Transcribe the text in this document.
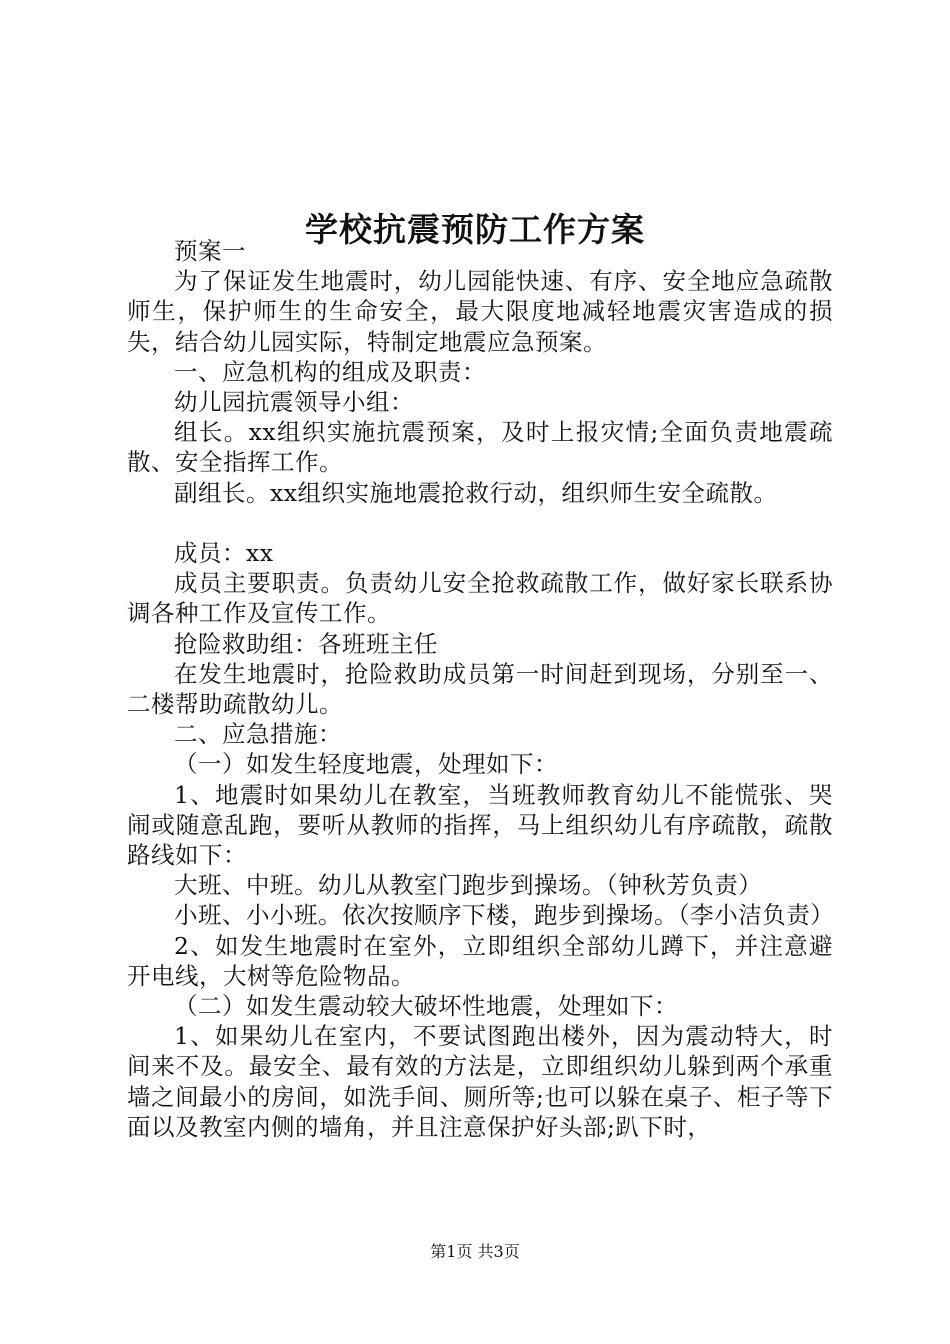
学校抗震预防工作方案

预案一

为了保证发生地震时，幼儿园能快速、有序、安全地应急疏散师生，保护师生的生命安全，最大限度地减轻地震灾害造成的损失，结合幼儿园实际，特制定地震应急预案。

一、应急机构的组成及职责：

幼儿园抗震领导小组：

组长。xx组织实施抗震预案，及时上报灾情;全面负责地震疏散、安全指挥工作。

副组长。xx组织实施地震抢救行动，组织师生安全疏散。

成员：xx

成员主要职责。负责幼儿安全抢救疏散工作，做好家长联系协调各种工作及宣传工作。

抢险救助组：各班班主任

在发生地震时，抢险救助成员第一时间赶到现场，分别至一、二楼帮助疏散幼儿。

二、应急措施：

（一）如发生轻度地震，处理如下：

1、地震时如果幼儿在教室，当班教师教育幼儿不能慌张、哭闹或随意乱跑，要听从教师的指挥，马上组织幼儿有序疏散，疏散路线如下：

大班、中班。幼儿从教室门跑步到操场。（钟秋芳负责）

小班、小小班。依次按顺序下楼，跑步到操场。（李小洁负责）

2、如发生地震时在室外，立即组织全部幼儿蹲下，并注意避开电线，大树等危险物品。

（二）如发生震动较大破坏性地震，处理如下：

1、如果幼儿在室内，不要试图跑出楼外，因为震动特大，时间来不及。最安全、最有效的方法是，立即组织幼儿躲到两个承重墙之间最小的房间，如洗手间、厕所等;也可以躲在桌子、柜子等下面以及教室内侧的墙角，并且注意保护好头部;趴下时，

第1页 共3页
